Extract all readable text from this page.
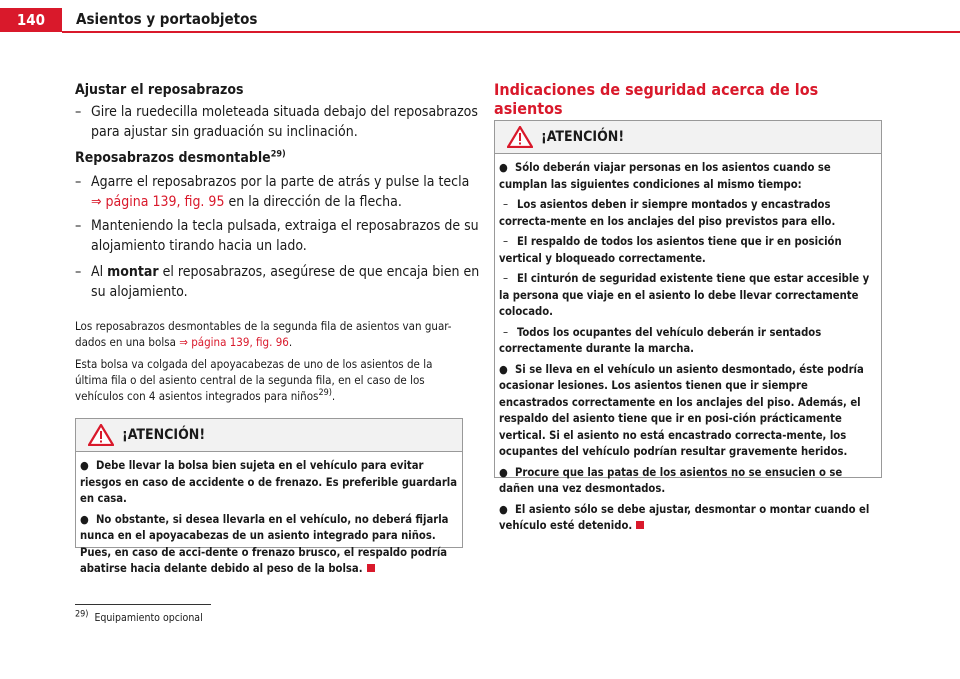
140	Asientos y portaobjetos
Ajustar el reposabrazos
– Gire la ruedecilla moleteada situada debajo del reposabrazos para ajustar sin graduación su inclinación.
Reposabrazos desmontable$^{29)}$
– Agarre el reposabrazos por la parte de atrás y pulse la tecla
⇒ página 139, fig. 95 en la dirección de la flecha.
– Manteniendo la tecla pulsada, extraiga el reposabrazos de su alojamiento tirando hacia un lado.
– Al montar el reposabrazos, asegúrese de que encaja bien en su alojamiento.
Los reposabrazos desmontables de la segunda fila de asientos van guar-dados en una bolsa ⇒ página 139, fig. 96.
Esta bolsa va colgada del apoyacabezas de uno de los asientos de la última fila o del asiento central de la segunda fila, en el caso de los vehículos con 4 asientos integrados para niños$^{29)}$.
¡ATENCIÓN!

● Debe llevar la bolsa bien sujeta en el vehículo para evitar riesgos en caso de accidente o de frenazo. Es preferible guardarla en casa.

● No obstante, si desea llevarla en el vehículo, no deberá fijarla nunca en el apoyacabezas de un asiento integrado para niños. Pues, en caso de acci-dente o frenazo brusco, el respaldo podría abatirse hacia delante debido al peso de la bolsa.

Indicaciones de seguridad acerca de los asientos
¡ATENCIÓN!

● Sólo deberán viajar personas en los asientos cuando se cumplan las siguientes condiciones al mismo tiempo:

– Los asientos deben ir siempre montados y encastrados correcta-mente en los anclajes del piso previstos para ello.

– El respaldo de todos los asientos tiene que ir en posición vertical y bloqueado correctamente.

– El cinturón de seguridad existente tiene que estar accesible y la persona que viaje en el asiento lo debe llevar correctamente colocado.

– Todos los ocupantes del vehículo deberán ir sentados correctamente durante la marcha.

● Si se lleva en el vehículo un asiento desmontado, éste podría ocasionar lesiones. Los asientos tienen que ir siempre encastrados correctamente en los anclajes del piso. Además, el respaldo del asiento tiene que ir en posi-ción prácticamente vertical. Si el asiento no está encastrado correcta-mente, los ocupantes del vehículo podrían resultar gravemente heridos.

● Procure que las patas de los asientos no se ensucien o se dañen una vez desmontados.

● El asiento sólo se debe ajustar, desmontar o montar cuando el vehículo esté detenido.

$^{29)}$ Equipamiento opcional
